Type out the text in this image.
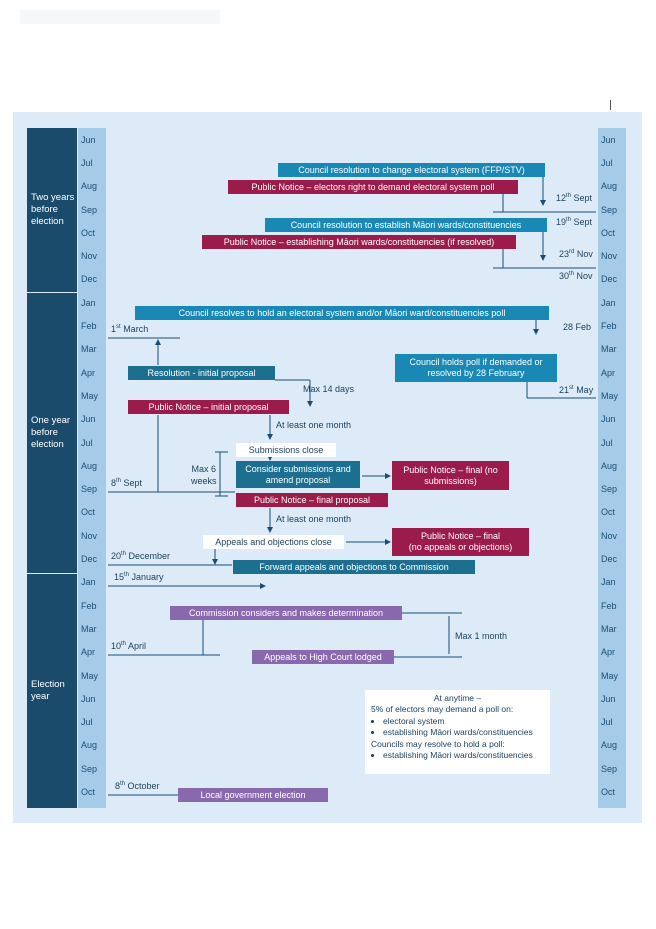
Two years before election
One year before election
Election year
Jun
Jul
Aug
Sep
Oct
Nov
Dec
Jan
Feb
Mar
Apr
May
Jun
Jul
Aug
Sep
Oct
Nov
Dec
Jan
Feb
Mar
Apr
May
Jun
Jul
Aug
Sep
Oct
Jun
Jul
Aug
Sep
Oct
Nov
Dec
Jan
Feb
Mar
Apr
May
Jun
Jul
Aug
Sep
Oct
Nov
Dec
Jan
Feb
Mar
Apr
May
Jun
Jul
Aug
Sep
Oct
Council resolution to change electoral system (FFP/STV)
Public Notice – electors right to demand electoral system poll
Council resolution to establish Māori wards/constituencies
Public Notice – establishing Māori wards/constituencies (if resolved)
Council resolves to hold an electoral system and/or Māori ward/constituencies poll
Resolution - initial proposal
Council holds poll if demanded or
resolved by 28 February
Public Notice – initial proposal
Submissions close
Consider submissions and
amend proposal
Public Notice – final (no
submissions)
Public Notice – final proposal
Appeals and objections close
Public Notice – final
(no appeals or objections)
Forward appeals and objections to Commission
Commission considers and makes determination
Appeals to High Court lodged
Local government election
12th Sept
19th Sept
23rd Nov
30th Nov
1st March	28 Feb
21st May
8th Sept
20th December
15th January
10th April
8th October
Max 14 days
At least one month
Max 6
weeks
At least one month
Max 1 month
At anytime –
5% of electors may demand a poll on:
• electoral system
• establishing Māori wards/constituencies
Councils may resolve to hold a poll:
• establishing Māori wards/constituencies
